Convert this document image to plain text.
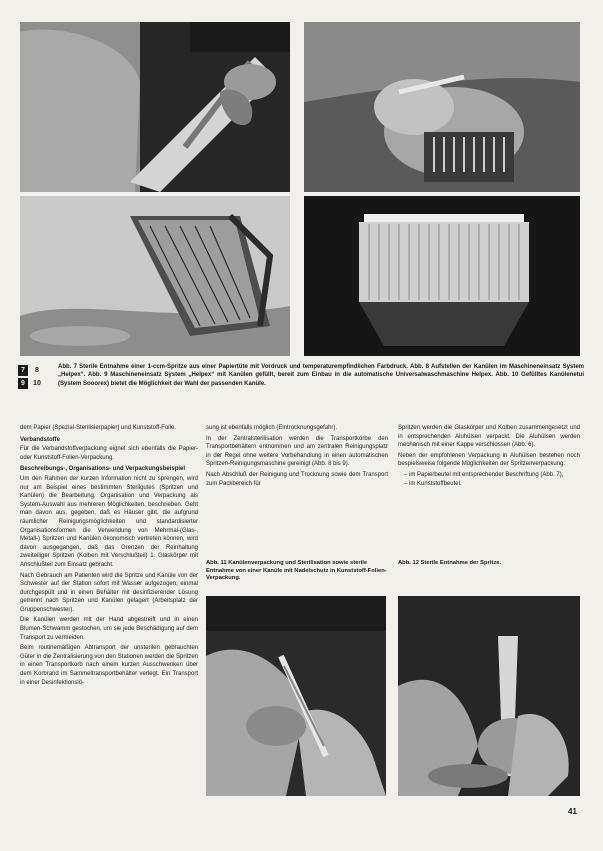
7	8
9	10
Abb. 7 Sterile Entnahme einer 1-ccm-Spritze aus einer Papiertüte mit Vordruck und temperaturempfindlichen Farbdruck. Abb. 8 Aufstellen der Kanülen im Maschineneinsatz System „Helpex“. Abb. 9 Maschineneinsatz System „Helpex“ mit Kanülen gefüllt, bereit zum Einbau in die automatische Universalwaschmaschine Helpex. Abb. 10 Gefülltes Kanülenetui (System Sooorex) bietet die Möglichkeit der Wahl der passenden Kanüle.

dem Papier (Spezial-Sterilisierpapier) und Kunststoff-Folie.

Verbandstoffe

Für die Verbandstoffverpackung eignet sich ebenfalls die Papier- oder Kunststoff-Folien-Verpackung.

Beschreibungs-, Organisations- und Verpackungsbeispiel

Um den Rahmen der kurzen Information nicht zu sprengen, wird nur am Beispiel eines bestimmten Sterilgutes (Spritzen und Kanülen) die Bearbeitung, Organisation und Verpackung als System-Auswahl aus mehreren Möglichkeiten, beschrieben. Geht man davon aus, gegeben, daß es Häuser gibt, die aufgrund räumlicher Reinigungsmöglichkeiten und standardisierter Organisationsformen die Verwendung von Mehrmal-(Glas-, Metall-) Spritzen und Kanülen ökonomisch vertreten können, wird davon ausgegangen, daß das Grenzen der Reinhaltung zweiteiliger Spritzen (Kolben mit Verschlußteil) 1. Glaskörper mit Anschlußteil zum Einsatz gebracht.

Nach Gebrauch am Patienten wird die Spritze und Kanüle von der Schwester auf der Station sofort mit Wasser aufgezogen, einmal durchgespült und in einen Behälter mit desinfizierender Lösung getrennt nach Spritzen und Kanülen gelagert (Arbeitsplatz der Gruppenschwester).

Die Kanülen werden mit der Hand abgestreift und in einen Blumen-Schwamm gestochen, um sie jede Beschädigung auf dem Transport zu vermeiden.

Beim routinemäßigen Abtransport der unsterilen gebrauchten Güter in die Zentralisierung von den Stationen werden die Spritzen in einen Transportkorb nach einem kurzen Ausschwenken über dem Korbrand im Sammeltransportbehälter verlegt. Ein Transport in einer Desinfektionslö-

sung ist ebenfalls möglich (Eintrocknungsgefahr).

In der Zentralsterilisation werden die Transportkörbe den Transportbehältern entnommen und am zentralen Reinigungsplatz in der Regel ohne weitere Vorbehandlung in einen automatischen Spritzen-Reinigungsmaschine gereinigt (Abb. 8 bis 9).

Nach Abschluß der Reinigung und Trocknung sowie dem Transport zum Packbereich für

Spritzen werden die Glaskörper und Kolben zusammengesetzt und in entsprechenden Aluhülsen verpackt. Die Aluhülsen werden mechanisch mit einer Kappe verschlossen (Abb. 6).

Neben der empfohlenen Verpackung in Aluhülsen bestehen noch bespielsweise folgende Möglichkeiten der Spritzenverpackung:

– im Papierbeutel mit entsprechender Beschriftung (Abb. 7),
– im Kunststoffbeutel.
Abb. 11 Kanülenverpackung und Sterilisation sowie sterile Entnahme von einer Kanüle mit Nadelschutz in Kunststoff-Folien-Verpackung.
Abb. 12 Sterile Entnahme der Spritze.
41
